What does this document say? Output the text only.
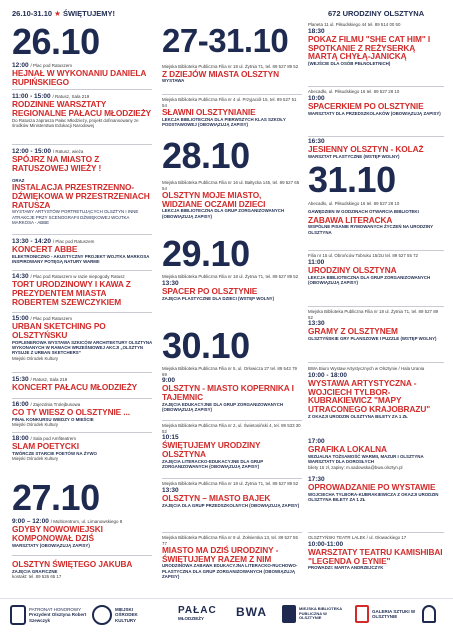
26.10-31.10 ★ ŚWIĘTUJEMY!	672 URODZINY OLSZTYNA
26.10
12:00 / Plac pod Ratuszem
HEJNAŁ W WYKONANIU DANIELA RUPIŃSKIEGO
11:00 - 15:00 / Ratusz, Sala 219
RODZINNE WARSZTATY REGIONALNE PAŁACU MŁODZIEŻY
Do Ratusza zaprasza Pałac Młodzieży, projekt dofinansowany ze środków Ministerstwa Edukacji Narodowej
12:00 - 15:00 / Ratusz, wieża
SPÓJRZ NA MIASTO Z RATUSZOWEJ WIEŻY !
ORAZ
INSTALACJA PRZESTRZENNO-DŹWIĘKOWA W PRZESTRZENIACH RATUSZA
WYSTAWY ARTYSTÓW PORTRETUJĄCYCH OLSZTYN I INNE ATRAKCJE PRZY SCENOGRAFII DŹWIĘKOWEJ WOJTKA MARKOSA - ABBE
13:30 - 14:20 / Plac pod Ratuszem
KONCERT ABBE
ELEKTRONICZNO - AKUSTYCZNY PROJEKT WOJTKA MARKOSA INSPIROWANY POTĘGĄ NATURY WARMII
14:30 / Plac pod Ratuszem w razie niepogody Ratusz
TORT URODZINOWY I KAWA Z PREZYDENTEM MIASTA ROBERTEM SZEWCZYKIEM
15:00 / Plac pod Ratuszem
URBAN SKETCHING PO OLSZTYŃSKU
POPLENEROWA WYSTAWA SZKICÓW ARCHITEKTURY OLSZTYNA WYKONANYCH W RAMACH WRZEŚNIOWEJ AKCJI „OLSZTYN RYSUJE Z URBAN SKETCHERS”
Miejski Ośrodek Kultury
15:30 / Ratusz, Sala 219
KONCERT PAŁACU MŁODZIEŻY
16:00 / Zajezdnia Trolejbusowa
CO TY WIESZ O OLSZTYNIE ...
FINAŁ KONKURSU WIEDZY O MIEŚCIE
Miejski Ośrodek Kultury
18:00 / Sala pod Amfiteatrem
SLAM POETYCKI
TWÓRCZE STARCIE POETÓW NA ŻYWO
Miejski Ośrodek Kultury
27.10
9:00 – 12:00 / Multicentrum, ul. Limanowskiego 8
GDYBY NOWOWIEJSKI KOMPONOWAŁ DZIŚ
WARSZTATY (OBOWIĄZUJĄ ZAPISY)
OLSZTYN ŚWIĘTEGO JAKUBA
ZAJĘCIA GRAFICZNE
kontakt: tel. 89 526 65 17
27-31.10
Miejska Biblioteka Publiczna Filia nr 18 ul. Żytnia 71, tel. 89 527 89 52
Z DZIEJÓW MIASTA OLSZTYN
WYSTAWA
Miejska Biblioteka Publiczna Filia nr 4 ul. Przyjaciół 15, tel. 89 527 51 54
SŁAWNI OLSZTYNIANIE
LEKCJA BIBLIOTECZNA DLA PIERWSZYCH KLAS SZKOŁY PODSTAWOWEJ (OBOWIĄZUJĄ ZAPISY)
28.10
Miejska Biblioteka Publiczna Filia nr 16 ul. Bałtycka 145, tel. 89 527 65 54
OLSZTYN MOJE MIASTO, WIDZIANE OCZAMI DZIECI
LEKCJA BIBLIOTECZNA DLA GRUP ZORGANIZOWANYCH (OBOWIĄZUJĄ ZAPISY)
29.10
Miejska Biblioteka Publiczna Filia nr 18 ul. Żytnia 71, tel. 89 527 89 52
13:30
SPACER PO OLSZTYNIE
ZAJĘCIA PLASTYCZNE DLA DZIECI (WSTĘP WOLNY)
30.10
Miejska Biblioteka Publiczna Filia nr 5, ul. Orłowicza 27 tel. 89 543 79 69
9:00
OLSZTYN - MIASTO KOPERNIKA I TAJEMNIC
ZAJĘCIA EDUKACYJNE DLA GRUP ZORGANIZOWANYCH (OBOWIĄZUJĄ ZAPISY)
Miejska Biblioteka Publiczna Filia nr 2, ul. Świetosiński 4, tel. 89 533 30 52
10:15
ŚWIĘTUJEMY URODZINY OLSZTYNA
ZAJĘCIA LITERACKO-EDUKACYJNE DLA GRUP ZORGANIZOWANYCH (OBOWIĄZUJĄ ZAPISY)
Miejska Biblioteka Publiczna Filia nr 18 ul. Żytnia 71, tel. 89 527 89 52
13:30
OLSZTYN – MIASTO BAJEK
ZAJĘCIA DLA GRUP PRZEDSZKOLNYCH (OBOWIĄZUJĄ ZAPISY)
Miejska Biblioteka Publiczna Filia nr 9 ul. Żołnierska 13, tel. 89 527 55 77
MIASTO MA DZIŚ URODZINY - ŚWIĘTUJEMY RAZEM Z NIM
URODZINOWA ZABAWA EDUKACYJNA LITERACKO-RUCHOWO-PLASTYCZNA DLA GRUP ZORGANIZOWANYCH (OBOWIĄZUJĄ ZAPISY)
Planeta 11 ul. Piłsudskiego 44 tel. 89 514 00 50
18:30
POKAZ FILMU "SHE CAT HIM" I SPOTKANIE Z REŻYSERKĄ MARTĄ CHYŁĄ-JANICKĄ
(WEJŚCIE DLA OSÓB PEŁNOLETNICH)
Abecadło, ul. Piłsudskiego 16 tel. 89 527 28 10
10:00
SPACERKIEM PO OLSZTYNIE
WARSZTATY DLA PRZEDSZKOLAKÓW (OBOWIĄZUJĄ ZAPISY)
16:30
JESIENNY OLSZTYN - KOLAŻ
WARSZTAT PLASTYCZNE (WSTĘP WOLNY)
31.10
Abecadło, ul. Piłsudskiego 16 tel. 89 527 28 10
GAWĘDZIEN W GODZINACH OTWARCIA BIBLIOTEKI
ZABAWA LITERACKA
WSPÓLNE PISANIE RYMOWANYCH ŻYCZEŃ NA URODZINY OLSZTYNA
Filia nr 15 ul. Obrońców Tobruku 15/2U tel. 89 527 55 72
11:00
URODZINY OLSZTYNA
LEKCJA BIBLIOTECZNA DLA GRUP ZORGANIZOWANYCH (OBOWIĄZUJĄ ZAPISY)
Miejska Biblioteka Publiczna Filia nr 18 ul. Żytnia 71, tel. 89 527 89 52
13:30
GRAMY Z OLSZTYNEM
OLSZTYŃSKIE GRY PLANSZOWE I PUZZLE (WSTĘP WOLNY)
BWA Biuro Wystaw Artystycznych w Olsztynie / Hala Urania
10:00 - 18:00
WYSTAWA ARTYSTYCZNA - WOJCIECH TYLBOR-KUBRAKIEWICZ "MAPY UTRACONEGO KRAJOBRAZU"
Z OKAZJI URODZIN OLSZTYNA BILETY ZA 1 ZŁ
17:00
GRAFIKA LOKALNA
WIZUALNA TOŻSAMOŚĆ WARMII, MAZUR I OLSZTYNA WARSZTATY DLA DOROSŁYCH
bilety 15 zł, zapisy: m.sadowska@bwa.olsztyn.pl
17:30
OPROWADZANIE PO WYSTAWIE
WOJCIECHA TYLBORA-KUBRAKIEWICZA Z OKAZJI URODZIN OLSZTYNA BILETY ZA 1 ZŁ
OLSZTYŃSKI TEATR LALEK / ul. Głowackiego 17
10:00-11:00
WARSZTATY TEATRU KAMISHIBAI "LEGENDA O EYNIE"
PROWADZI: MARTA ANDRZEJCZYK
PATRONAT HONOROWY
Prezydent Olsztyna Robert Szewczyk
MIEJSKI OŚRODEK KULTURY
PAŁAC
MŁODZIEŻY	BWA	MIEJSKA BIBLIOTEKA PUBLICZNA W OLSZTYNIE
GALERIA SZTUKI W OLSZTYNIE
